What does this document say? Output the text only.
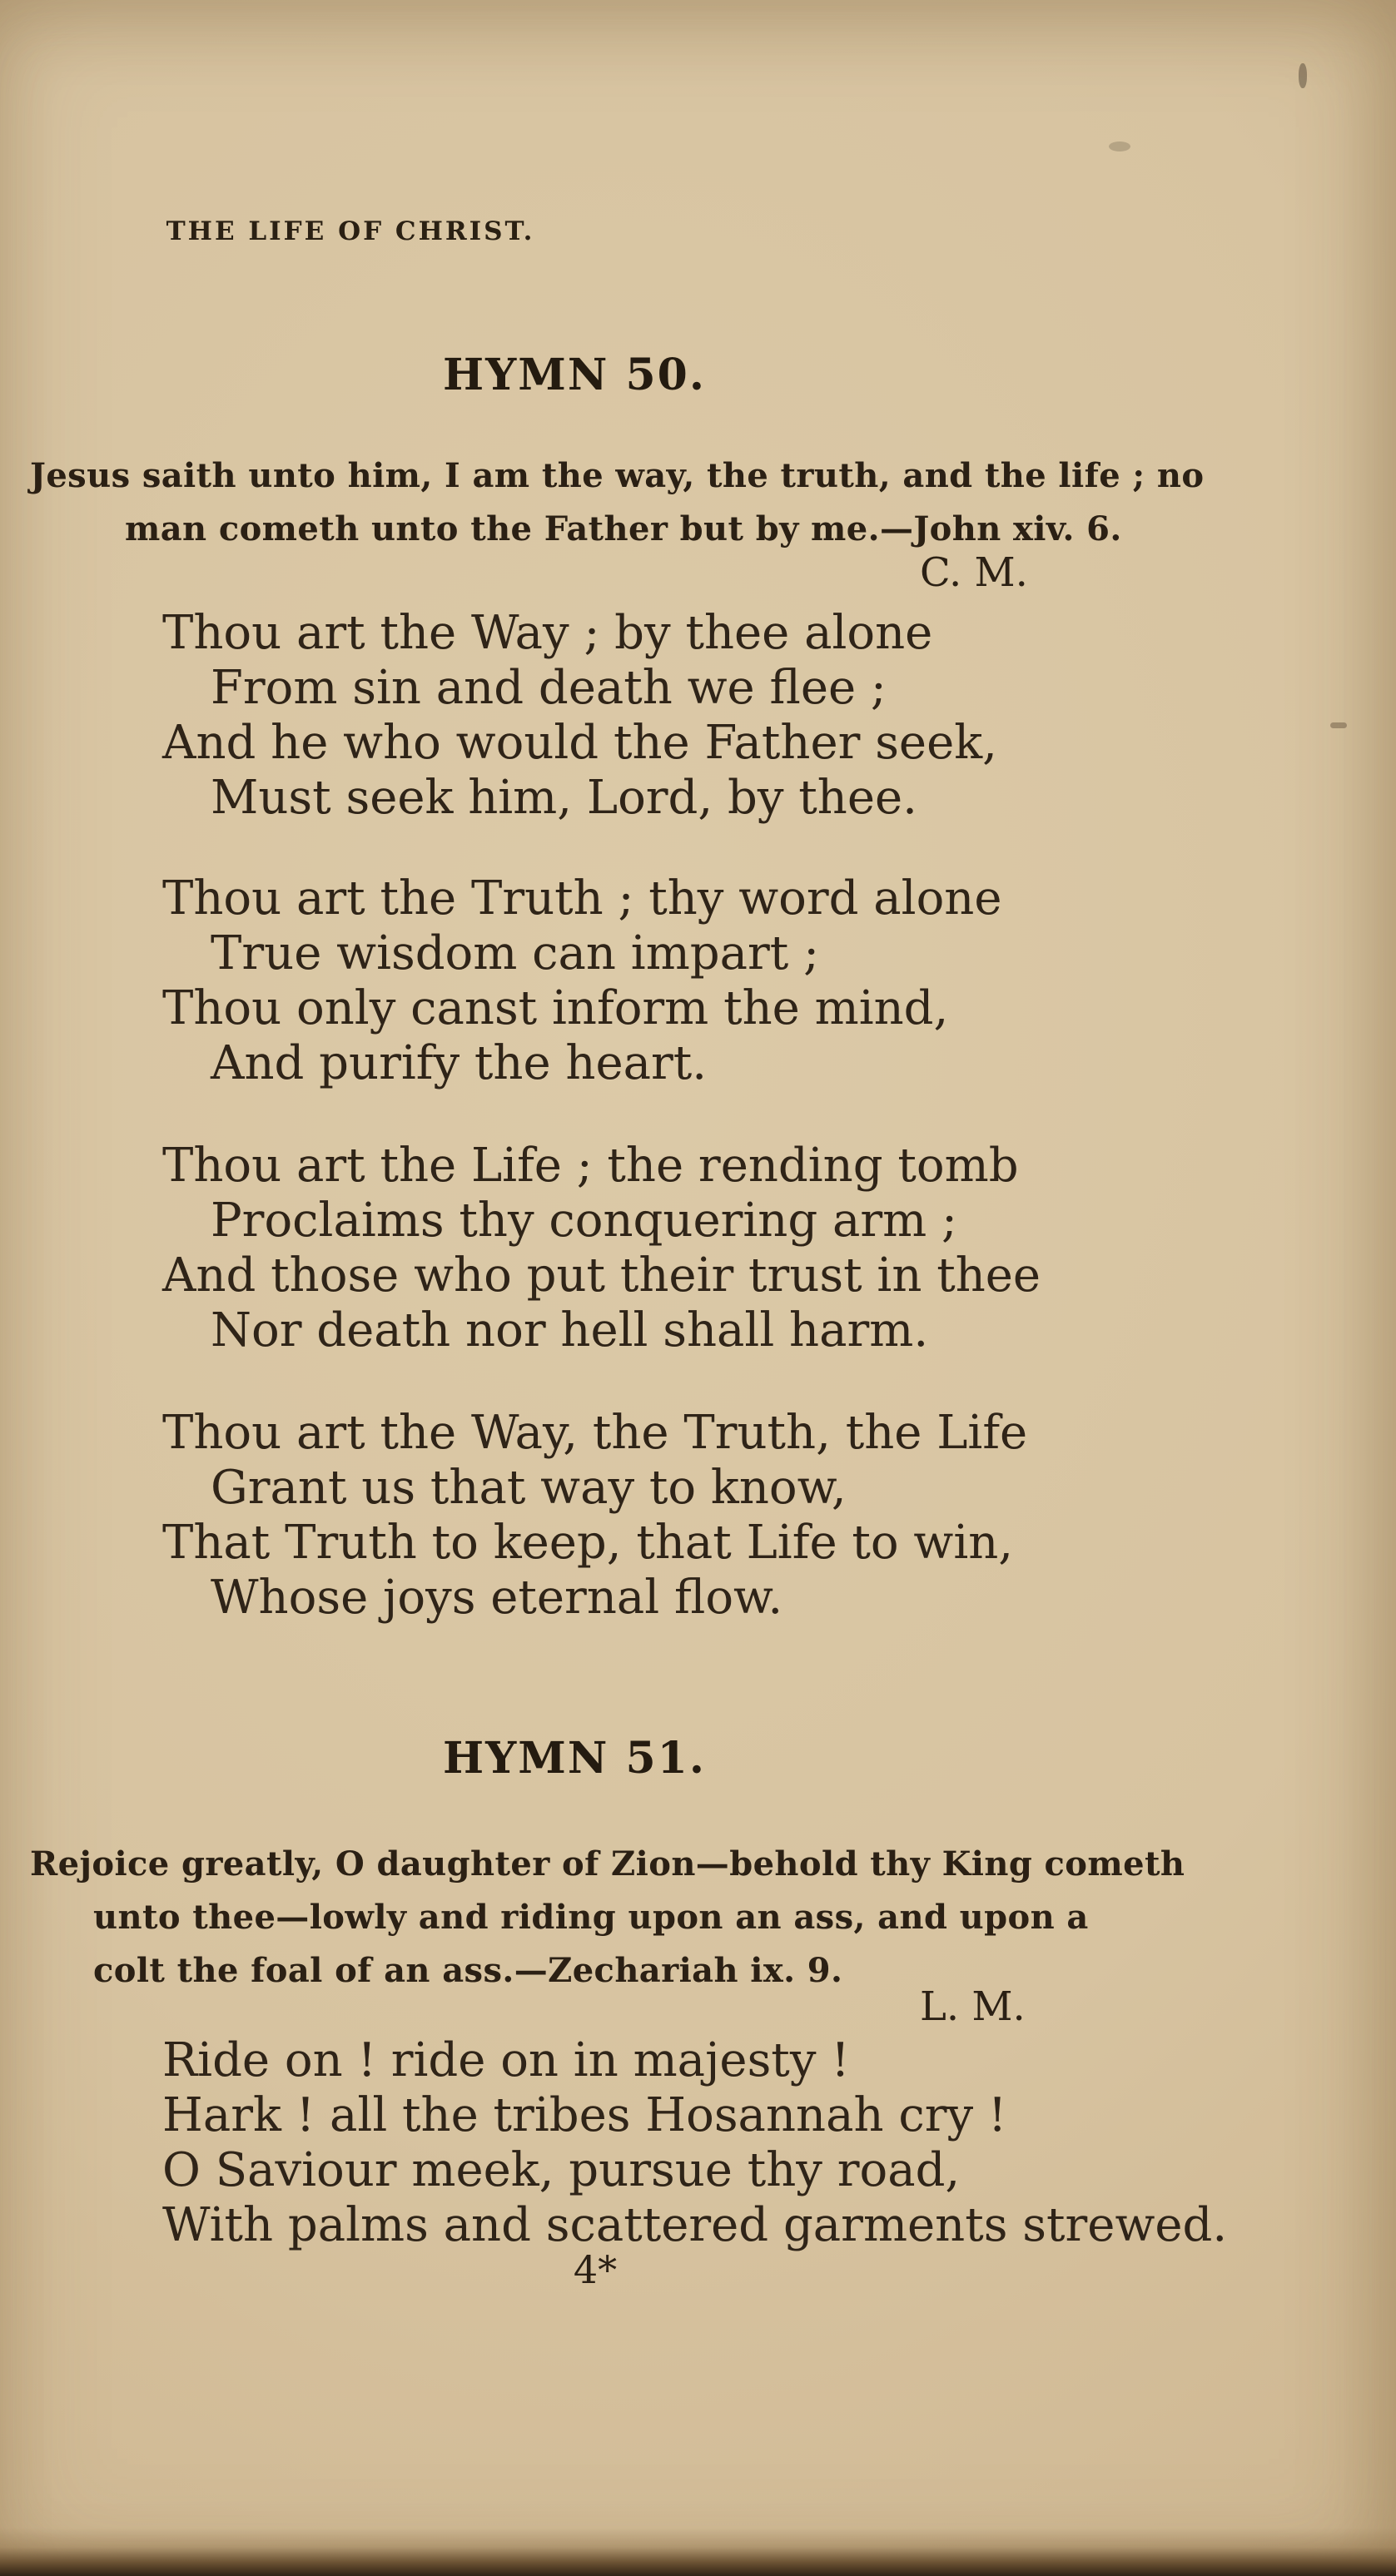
THE LIFE OF CHRIST.
HYMN 50.
Jesus saith unto him, I am the way, the truth, and the life ; no
man cometh unto the Father but by me.—John xiv. 6.
C. M.
Thou art the Way ; by thee alone
From sin and death we flee ;
And he who would the Father seek,
Must seek him, Lord, by thee.
Thou art the Truth ; thy word alone
True wisdom can impart ;
Thou only canst inform the mind,
And purify the heart.
Thou art the Life ; the rending tomb
Proclaims thy conquering arm ;
And those who put their trust in thee
Nor death nor hell shall harm.
Thou art the Way, the Truth, the Life
Grant us that way to know,
That Truth to keep, that Life to win,
Whose joys eternal flow.
HYMN 51.
Rejoice greatly, O daughter of Zion—behold thy King cometh
unto thee—lowly and riding upon an ass, and upon a
colt the foal of an ass.—Zechariah ix. 9.
L. M.
Ride on ! ride on in majesty !
Hark ! all the tribes Hosannah cry !
O Saviour meek, pursue thy road,
With palms and scattered garments strewed.
4*
